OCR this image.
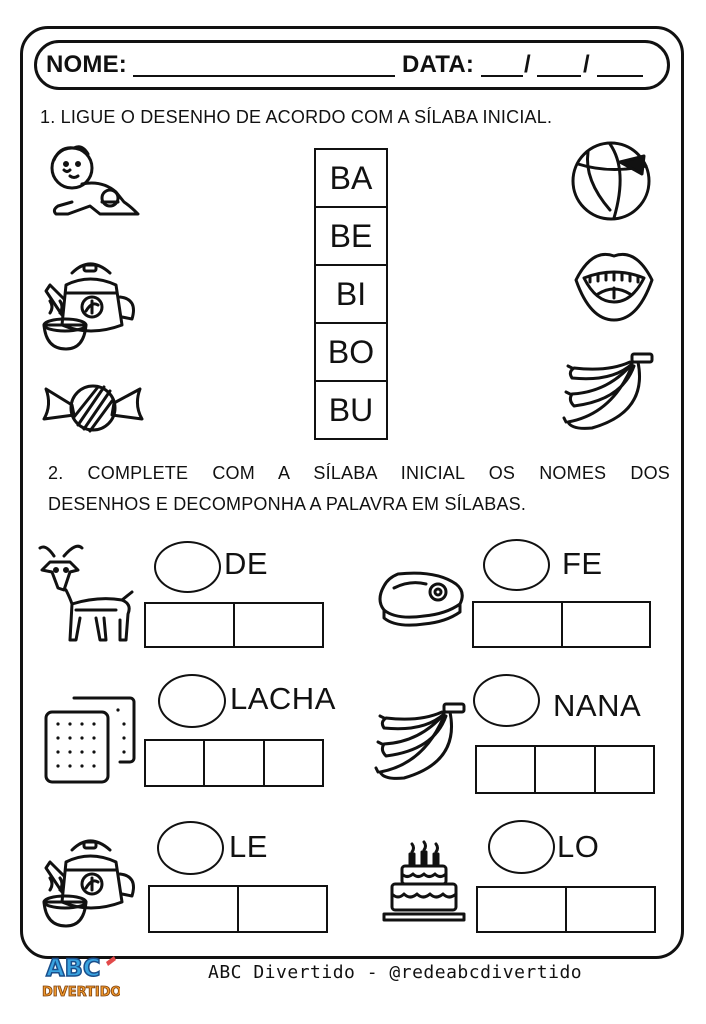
NOME:	DATA: / /
1. LIGUE O DESENHO DE ACORDO COM A SÍLABA INICIAL.
BA
BE
BI
BO
BU
2. COMPLETE COM A SÍLABA INICIAL OS NOMES DOS
DESENHOS E DECOMPONHA A PALAVRA EM SÍLABAS.
DE	FE
LACHA	NANA
LE	LO
ABC
DIVERTIDO
ABC Divertido - @redeabcdivertido
